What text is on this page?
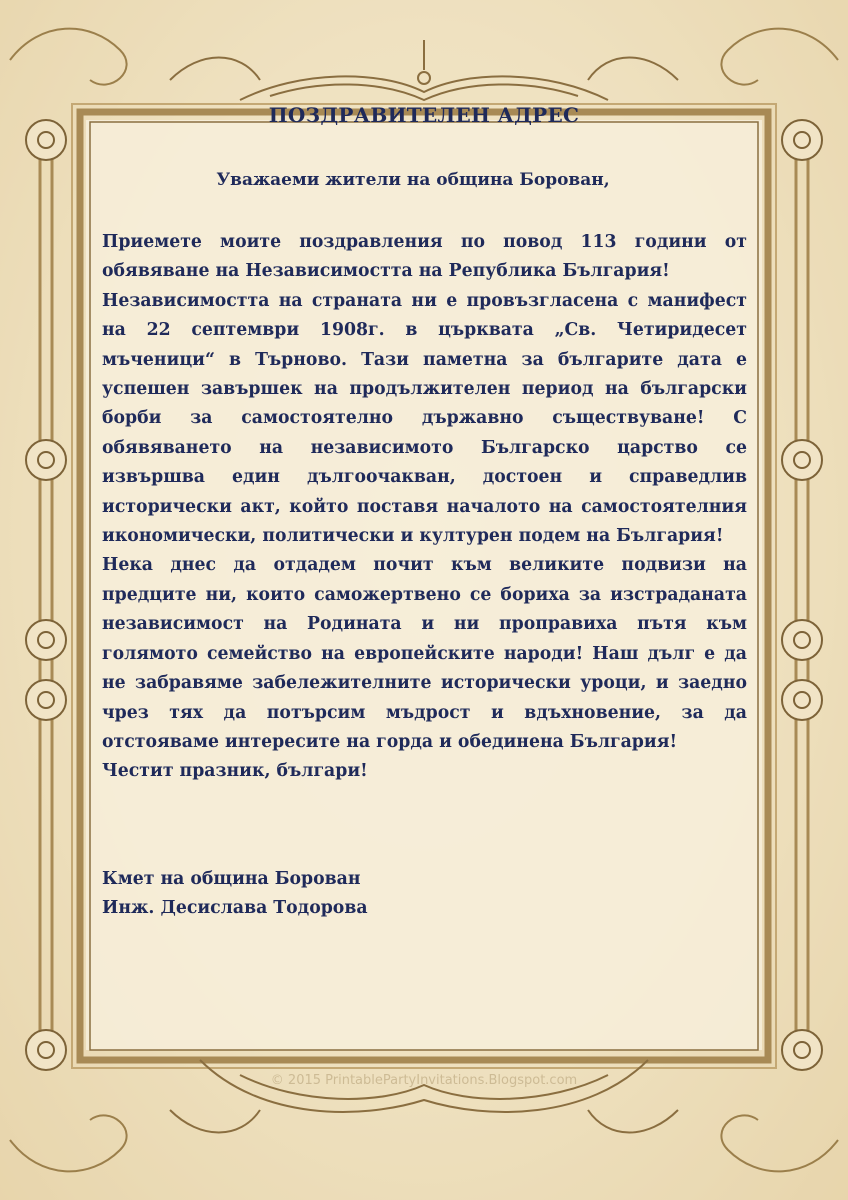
ПОЗДРАВИТЕЛЕН АДРЕС
Уважаеми жители на община Борован,

Приемете моите поздравления по повод 113 години от обявяване на Независимостта на Република България!

Независимостта на страната ни е провъзгласена с манифест на 22 септември 1908г. в църквата „Св. Четиридесет мъченици“ в Търново. Тази паметна за българите дата е успешен завършек на продължителен период на български борби за самостоятелно държавно съществуване! С обявяването на независимото Българско царство се извършва един дългоочакван, достоен и справедлив исторически акт, който поставя началото на самостоятелния икономически, политически и културен подем на България!

Нека днес да отдадем почит към великите подвизи на предците ни, които саможертвено се бориха за изстраданата независимост на Родината и ни проправиха пътя към голямото семейство на европейските народи! Наш дълг е да не забравяме забележителните исторически уроци, и заедно чрез тях да потърсим мъдрост и вдъхновение, за да отстояваме интересите на горда и обединена България!

Честит празник, българи!

Кмет на община Борован
Инж. Десислава Тодорова
© 2015 PrintablePartyInvitations.Blogspot.com
